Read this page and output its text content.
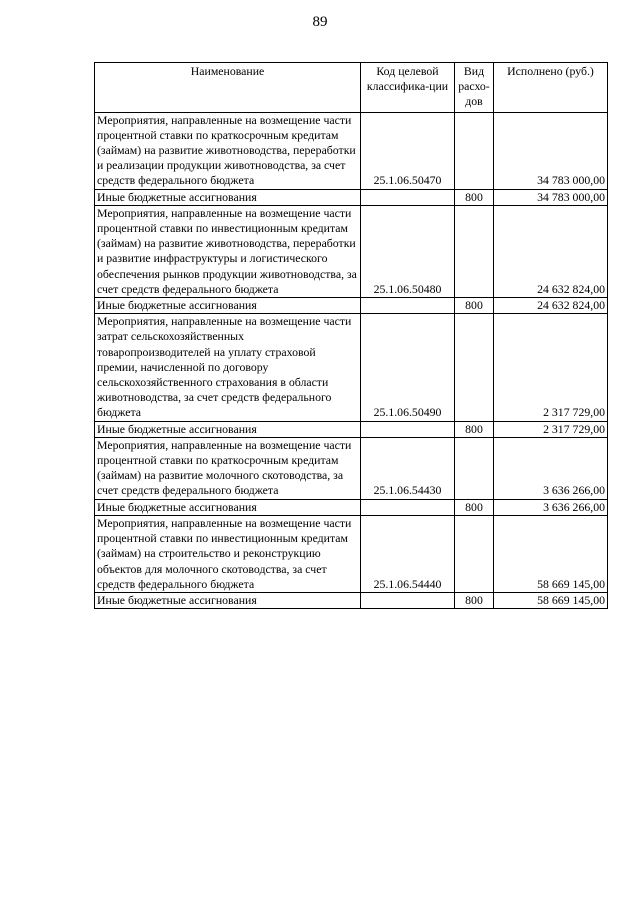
89
Наименование	Код целевой классифика-ции	Вид расхо-дов	Исполнено (руб.)
Мероприятия, направленные на возмещение части процентной ставки по краткосрочным кредитам (займам) на развитие животноводства, переработки и реализации продукции животноводства, за счет средств федерального бюджета	25.1.06.50470		34 783 000,00
Иные бюджетные ассигнования		800	34 783 000,00
Мероприятия, направленные на возмещение части процентной ставки по инвестиционным кредитам (займам) на развитие животноводства, переработки и развитие инфраструктуры и логистического обеспечения рынков продукции животноводства, за счет средств федерального бюджета	25.1.06.50480		24 632 824,00
Иные бюджетные ассигнования		800	24 632 824,00
Мероприятия, направленные на возмещение части затрат сельскохозяйственных товаропроизводителей на уплату страховой премии, начисленной по договору сельскохозяйственного страхования в области животноводства, за счет средств федерального бюджета	25.1.06.50490		2 317 729,00
Иные бюджетные ассигнования		800	2 317 729,00
Мероприятия, направленные на возмещение части процентной ставки по краткосрочным кредитам (займам) на развитие молочного скотоводства, за счет средств федерального бюджета	25.1.06.54430		3 636 266,00
Иные бюджетные ассигнования		800	3 636 266,00
Мероприятия, направленные на возмещение части процентной ставки по инвестиционным кредитам (займам) на строительство и реконструкцию объектов для молочного скотоводства, за счет средств федерального бюджета	25.1.06.54440		58 669 145,00
Иные бюджетные ассигнования		800	58 669 145,00
